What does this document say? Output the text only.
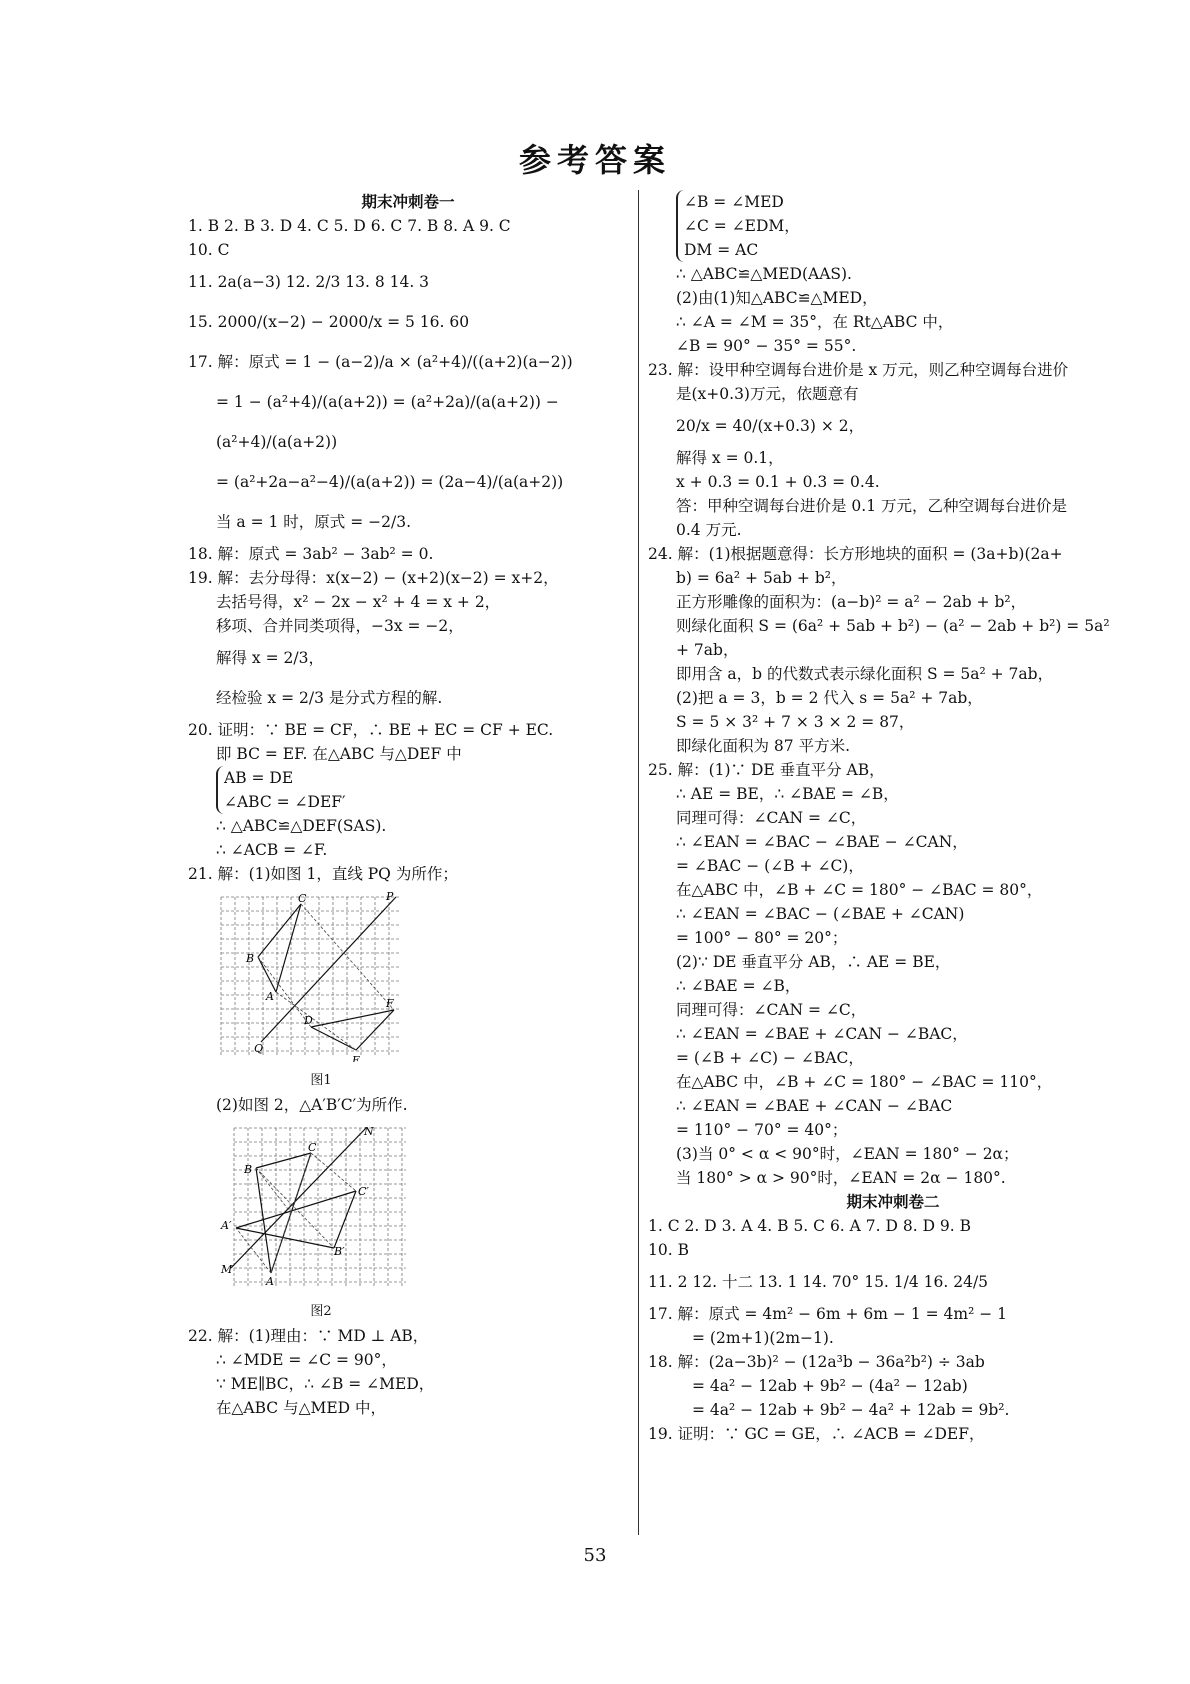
参考答案
期末冲刺卷一
1. B 2. B 3. D 4. C 5. D 6. C 7. B 8. A 9. C
10. C
11. 2a(a−3) 12. 2/3 13. 8 14. 3
15. 2000/(x−2) − 2000/x = 5 16. 60
17. 解：原式 = 1 − (a−2)/a × (a²+4)/((a+2)(a−2))
= 1 − (a²+4)/(a(a+2)) = (a²+2a)/(a(a+2)) − (a²+4)/(a(a+2))
= (a²+2a−a²−4)/(a(a+2)) = (2a−4)/(a(a+2))
当 a = 1 时，原式 = −2/3.
18. 解：原式 = 3ab² − 3ab² = 0.
19. 解：去分母得：x(x−2) − (x+2)(x−2) = x+2，
去括号得，x² − 2x − x² + 4 = x + 2，
移项、合并同类项得，−3x = −2，
解得 x = 2/3，
经检验 x = 2/3 是分式方程的解.
20. 证明：∵ BE = CF，∴ BE + EC = CF + EC.
即 BC = EF. 在△ABC 与△DEF 中
AB = DE
∠ABC = ∠DEF′
∴ △ABC≌△DEF(SAS).
∴ ∠ACB = ∠F.
21. 解：(1)如图 1，直线 PQ 为所作；
C	P
B
A
F
D
Q
E
图1
(2)如图 2，△A′B′C′为所作.
N
C
B
C′
A′
B′
M
A
图2
22. 解：(1)理由：∵ MD ⊥ AB，
∴ ∠MDE = ∠C = 90°，
∵ ME∥BC，∴ ∠B = ∠MED，
在△ABC 与△MED 中，
∠B = ∠MED
∠C = ∠EDM，
DM = AC
∴ △ABC≌△MED(AAS).
(2)由(1)知△ABC≌△MED，
∴ ∠A = ∠M = 35°，在 Rt△ABC 中，
∠B = 90° − 35° = 55°.
23. 解：设甲种空调每台进价是 x 万元，则乙种空调每台进价
是(x+0.3)万元，依题意有
20/x = 40/(x+0.3) × 2，
解得 x = 0.1，
x + 0.3 = 0.1 + 0.3 = 0.4.
答：甲种空调每台进价是 0.1 万元，乙种空调每台进价是
0.4 万元.
24. 解：(1)根据题意得：长方形地块的面积 = (3a+b)(2a+
b) = 6a² + 5ab + b²，
正方形雕像的面积为：(a−b)² = a² − 2ab + b²，
则绿化面积 S = (6a² + 5ab + b²) − (a² − 2ab + b²) = 5a²
+ 7ab，
即用含 a，b 的代数式表示绿化面积 S = 5a² + 7ab，
(2)把 a = 3，b = 2 代入 s = 5a² + 7ab，
S = 5 × 3² + 7 × 3 × 2 = 87，
即绿化面积为 87 平方米.
25. 解：(1)∵ DE 垂直平分 AB，
∴ AE = BE，∴ ∠BAE = ∠B，
同理可得：∠CAN = ∠C，
∴ ∠EAN = ∠BAC − ∠BAE − ∠CAN，
= ∠BAC − (∠B + ∠C)，
在△ABC 中，∠B + ∠C = 180° − ∠BAC = 80°，
∴ ∠EAN = ∠BAC − (∠BAE + ∠CAN)
= 100° − 80° = 20°；
(2)∵ DE 垂直平分 AB，∴ AE = BE，
∴ ∠BAE = ∠B，
同理可得：∠CAN = ∠C，
∴ ∠EAN = ∠BAE + ∠CAN − ∠BAC，
= (∠B + ∠C) − ∠BAC，
在△ABC 中，∠B + ∠C = 180° − ∠BAC = 110°，
∴ ∠EAN = ∠BAE + ∠CAN − ∠BAC
= 110° − 70° = 40°；
(3)当 0° < α < 90°时，∠EAN = 180° − 2α；
当 180° > α > 90°时，∠EAN = 2α − 180°.
期末冲刺卷二
1. C 2. D 3. A 4. B 5. C 6. A 7. D 8. D 9. B
10. B
11. 2 12. 十二 13. 1 14. 70° 15. 1/4 16. 24/5
17. 解：原式 = 4m² − 6m + 6m − 1 = 4m² − 1
= (2m+1)(2m−1).
18. 解：(2a−3b)² − (12a³b − 36a²b²) ÷ 3ab
= 4a² − 12ab + 9b² − (4a² − 12ab)
= 4a² − 12ab + 9b² − 4a² + 12ab = 9b².
19. 证明：∵ GC = GE，∴ ∠ACB = ∠DEF，
53
